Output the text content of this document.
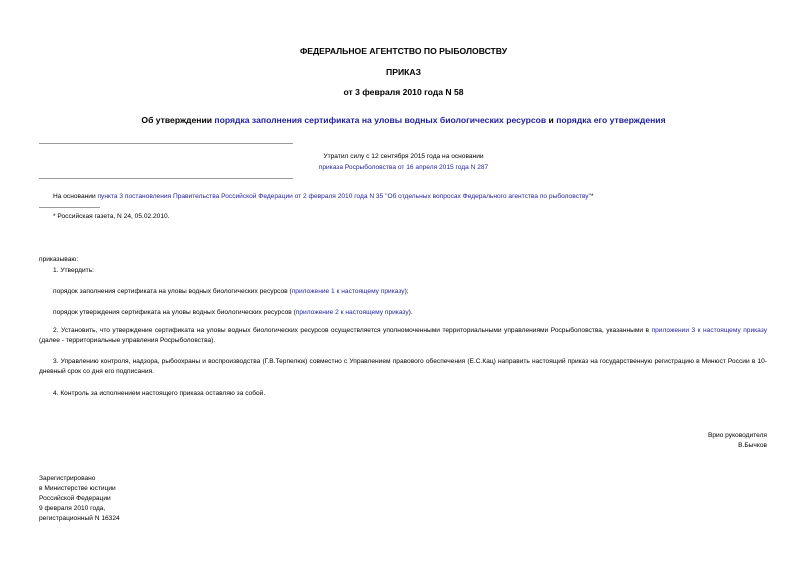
ФЕДЕРАЛЬНОЕ АГЕНТСТВО ПО РЫБОЛОВСТВУ
ПРИКАЗ
от 3 февраля 2010 года N 58
Об утверждении порядка заполнения сертификата на уловы водных биологических ресурсов и порядка его утверждения
Утратил силу с 12 сентября 2015 года на основании
приказа Росрыболовства от 16 апреля 2015 года N 287
На основании пункта 3 постановления Правительства Российской Федерации от 2 февраля 2010 года N 35 "Об отдельных вопросах Федерального агентства по рыболовству"*
* Российская газета, N 24, 05.02.2010.
приказываю:
1. Утвердить:
порядок заполнения сертификата на уловы водных биологических ресурсов (приложение 1 к настоящему приказу);
порядок утверждения сертификата на уловы водных биологических ресурсов (приложение 2 к настоящему приказу).
2. Установить, что утверждение сертификата на уловы водных биологических ресурсов осуществляется уполномоченными территориальными управлениями Росрыболовства, указанными в приложении 3 к настоящему приказу (далее - территориальные управления Росрыболовства).
3. Управлению контроля, надзора, рыбоохраны и воспроизводства (Г.В.Терпелюк) совместно с Управлением правового обеспечения (Е.С.Кац) направить настоящий приказ на государственную регистрацию в Минюст России в 10-дневный срок со дня его подписания.
4. Контроль за исполнением настоящего приказа оставляю за собой.
Врио руководителя
В.Бычков
Зарегистрировано
в Министерстве юстиции
Российской Федерации
9 февраля 2010 года,
регистрационный N 16324
